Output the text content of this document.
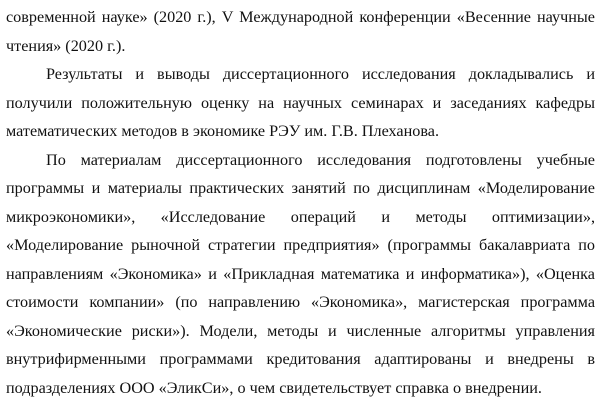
современной науке» (2020 г.), V Международной конференции «Весенние научные чтения» (2020 г.).

Результаты и выводы диссертационного исследования докладывались и получили положительную оценку на научных семинарах и заседаниях кафедры математических методов в экономике РЭУ им. Г.В. Плеханова.

По материалам диссертационного исследования подготовлены учебные программы и материалы практических занятий по дисциплинам «Моделирование микроэкономики», «Исследование операций и методы оптимизации», «Моделирование рыночной стратегии предприятия» (программы бакалавриата по направлениям «Экономика» и «Прикладная математика и информатика»), «Оценка стоимости компании» (по направлению «Экономика», магистерская программа «Экономические риски»). Модели, методы и численные алгоритмы управления внутрифирменными программами кредитования адаптированы и внедрены в подразделениях ООО «ЭликСи», о чем свидетельствует справка о внедрении.
